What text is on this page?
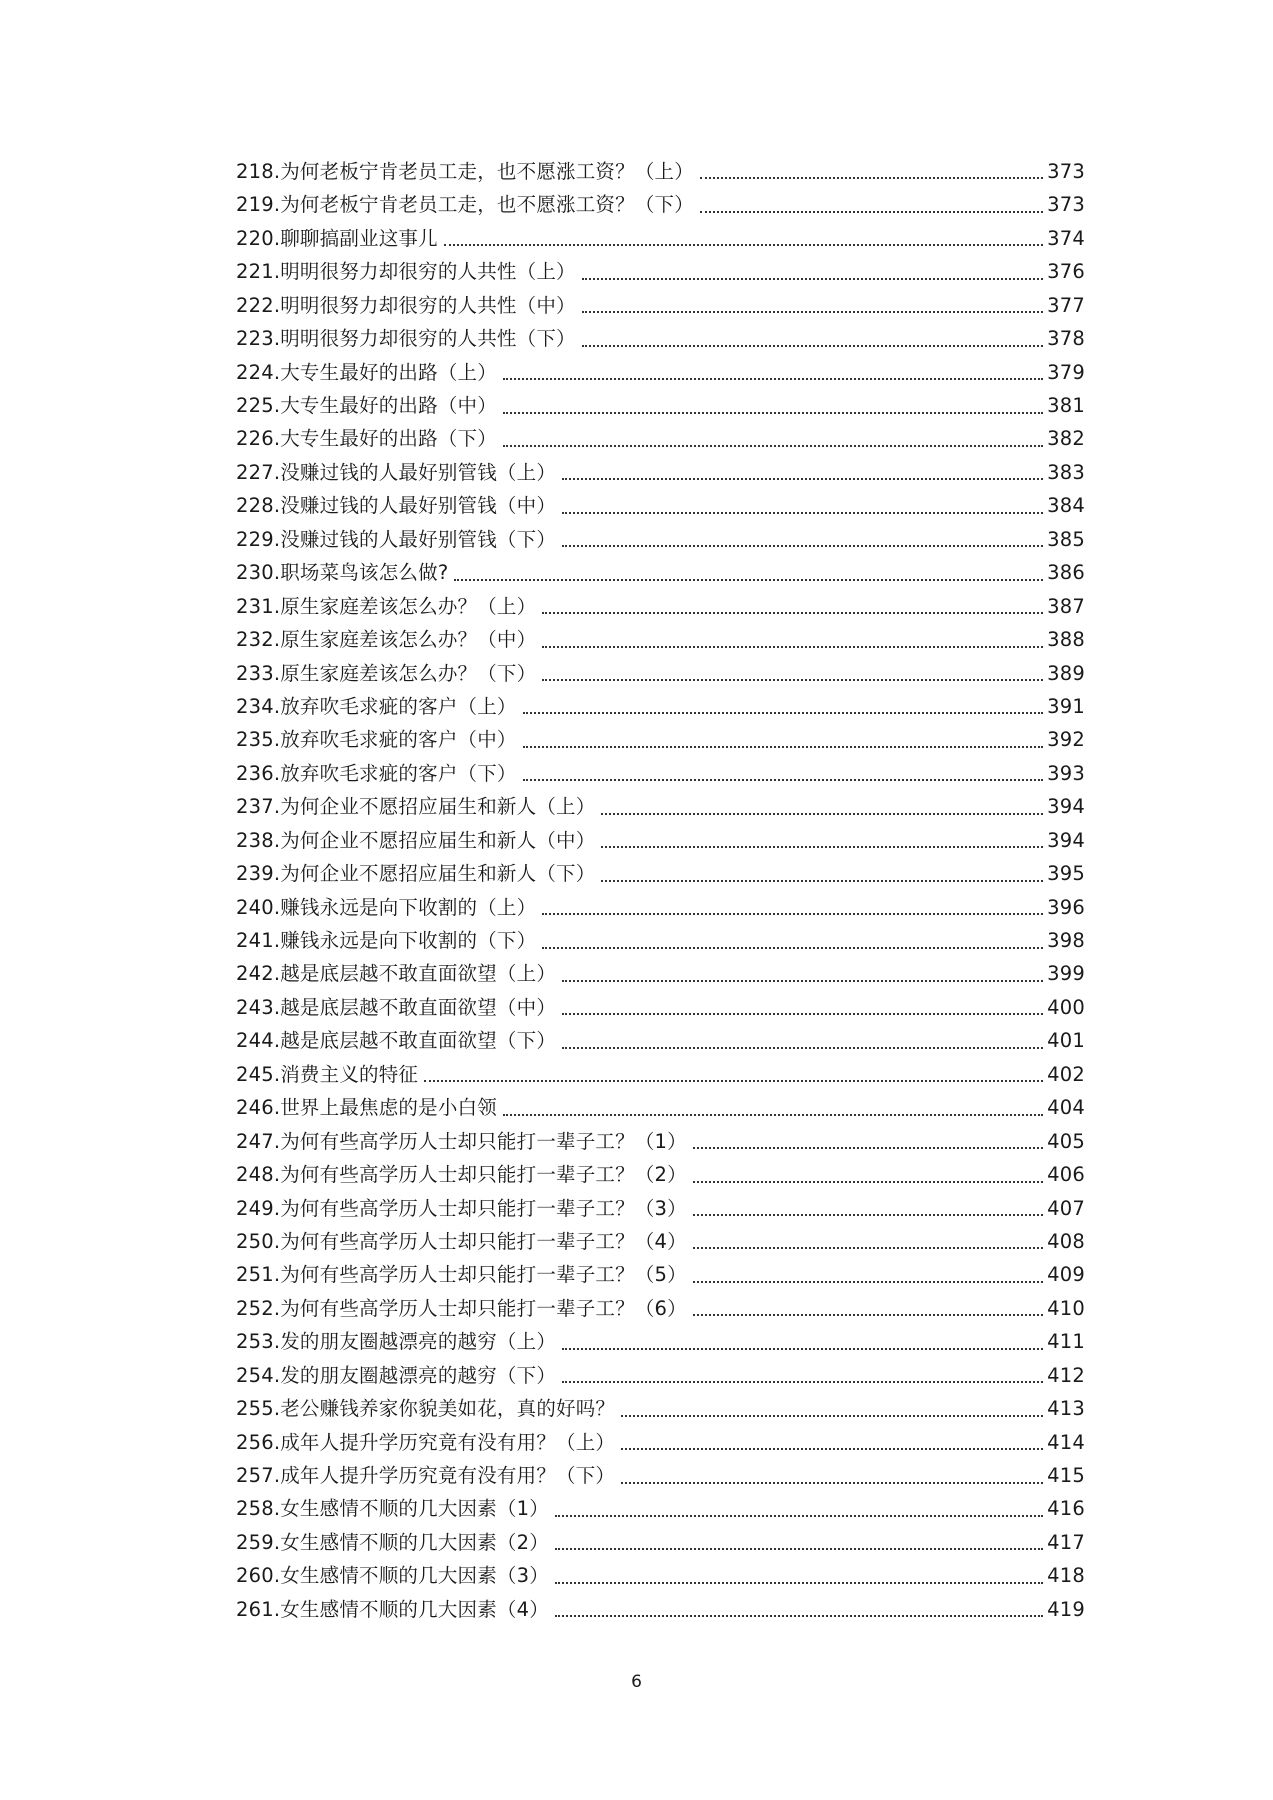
218.为何老板宁肯老员工走，也不愿涨工资？（上）	373
219.为何老板宁肯老员工走，也不愿涨工资？（下）	373
220.聊聊搞副业这事儿	374
221.明明很努力却很穷的人共性（上）	376
222.明明很努力却很穷的人共性（中）	377
223.明明很努力却很穷的人共性（下）	378
224.大专生最好的出路（上）	379
225.大专生最好的出路（中）	381
226.大专生最好的出路（下）	382
227.没赚过钱的人最好别管钱（上）	383
228.没赚过钱的人最好别管钱（中）	384
229.没赚过钱的人最好别管钱（下）	385
230.职场菜鸟该怎么做?	386
231.原生家庭差该怎么办？（上）	387
232.原生家庭差该怎么办？（中）	388
233.原生家庭差该怎么办？（下）	389
234.放弃吹毛求疵的客户（上）	391
235.放弃吹毛求疵的客户（中）	392
236.放弃吹毛求疵的客户（下）	393
237.为何企业不愿招应届生和新人（上）	394
238.为何企业不愿招应届生和新人（中）	394
239.为何企业不愿招应届生和新人（下）	395
240.赚钱永远是向下收割的（上）	396
241.赚钱永远是向下收割的（下）	398
242.越是底层越不敢直面欲望（上）	399
243.越是底层越不敢直面欲望（中）	400
244.越是底层越不敢直面欲望（下）	401
245.消费主义的特征	402
246.世界上最焦虑的是小白领	404
247.为何有些高学历人士却只能打一辈子工？（1）	405
248.为何有些高学历人士却只能打一辈子工？（2）	406
249.为何有些高学历人士却只能打一辈子工？（3）	407
250.为何有些高学历人士却只能打一辈子工？（4）	408
251.为何有些高学历人士却只能打一辈子工？（5）	409
252.为何有些高学历人士却只能打一辈子工？（6）	410
253.发的朋友圈越漂亮的越穷（上）	411
254.发的朋友圈越漂亮的越穷（下）	412
255.老公赚钱养家你貌美如花，真的好吗？	413
256.成年人提升学历究竟有没有用？（上）	414
257.成年人提升学历究竟有没有用？（下）	415
258.女生感情不顺的几大因素（1）	416
259.女生感情不顺的几大因素（2）	417
260.女生感情不顺的几大因素（3）	418
261.女生感情不顺的几大因素（4）	419
6
